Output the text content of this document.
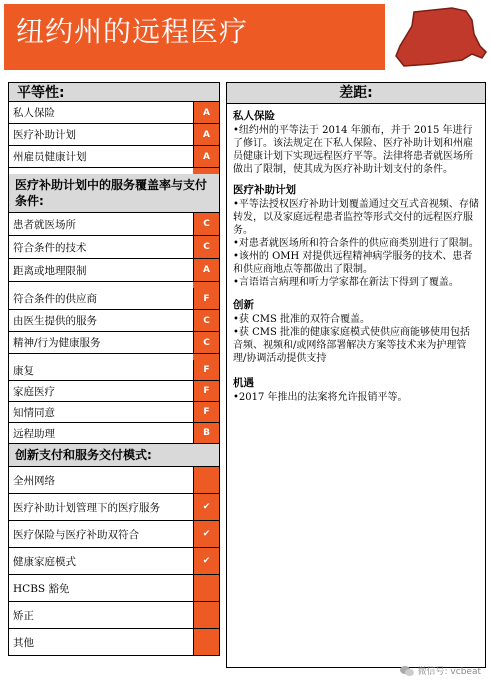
纽约州的远程医疗
平等性:
私人保险	A
医疗补助计划	A
州雇员健康计划	A
医疗补助计划中的服务覆盖率与支付条件:
患者就医场所	C
符合条件的技术	C
距离或地理限制	A
符合条件的供应商	F
由医生提供的服务	C
精神/行为健康服务	C
康复	F
家庭医疗	F
知情同意	F
远程助理	B
创新支付和服务交付模式:
全州网络
医疗补助计划管理下的医疗服务	✔
医疗保险与医疗补助双符合	✔
健康家庭模式	✔
HCBS 豁免
矫正
其他
差距:
私人保险

•纽约州的平等法于 2014 年颁布，并于 2015 年进行了修订。该法规定在下私人保险、医疗补助计划和州雇员健康计划下实现远程医疗平等。法律将患者就医场所做出了限制，使其成为医疗补助计划支付的条件。

医疗补助计划

•平等法授权医疗补助计划覆盖通过交互式音视频、存储转发，以及家庭远程患者监控等形式交付的远程医疗服务。

•对患者就医场所和符合条件的供应商类别进行了限制。

•该州的 OMH 对提供远程精神病学服务的技术、患者和供应商地点等都做出了限制。

•言语语言病理和听力学家都在新法下得到了覆盖。

创新

•获 CMS 批准的双符合覆盖。

•获 CMS 批准的健康家庭模式使供应商能够使用包括音频、视频和/或网络部署解决方案等技术来为护理管理/协调活动提供支持

机遇

•2017 年推出的法案将允许报销平等。

微信号: vcbeat
